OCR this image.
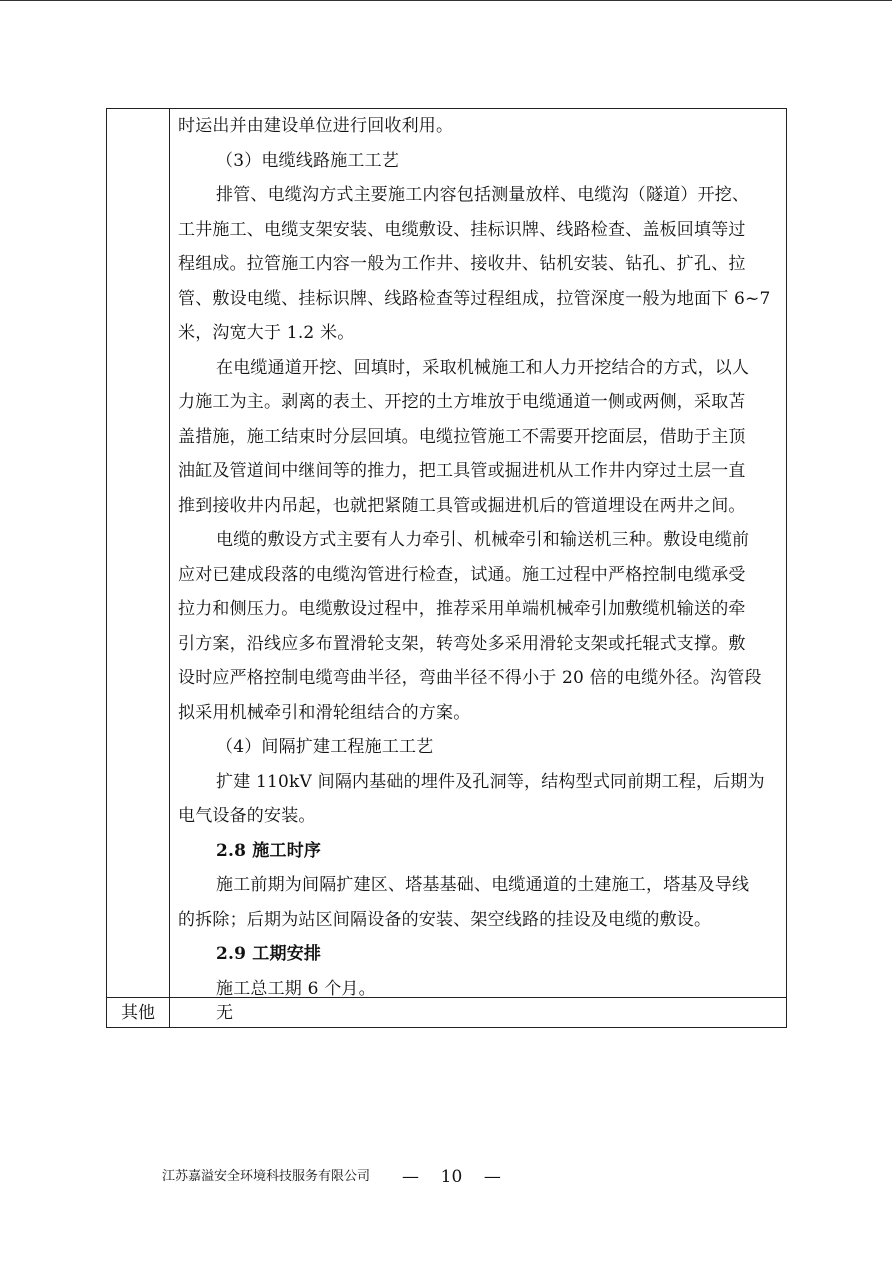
时运出并由建设单位进行回收利用。
（3）电缆线路施工工艺
排管、电缆沟方式主要施工内容包括测量放样、电缆沟（隧道）开挖、
工井施工、电缆支架安装、电缆敷设、挂标识牌、线路检查、盖板回填等过
程组成。拉管施工内容一般为工作井、接收井、钻机安装、钻孔、扩孔、拉
管、敷设电缆、挂标识牌、线路检查等过程组成，拉管深度一般为地面下 6~7
米，沟宽大于 1.2 米。
在电缆通道开挖、回填时，采取机械施工和人力开挖结合的方式，以人
力施工为主。剥离的表土、开挖的土方堆放于电缆通道一侧或两侧，采取苫
盖措施，施工结束时分层回填。电缆拉管施工不需要开挖面层，借助于主顶
油缸及管道间中继间等的推力，把工具管或掘进机从工作井内穿过土层一直
推到接收井内吊起，也就把紧随工具管或掘进机后的管道埋设在两井之间。
电缆的敷设方式主要有人力牵引、机械牵引和输送机三种。敷设电缆前
应对已建成段落的电缆沟管进行检查，试通。施工过程中严格控制电缆承受
拉力和侧压力。电缆敷设过程中，推荐采用单端机械牵引加敷缆机输送的牵
引方案，沿线应多布置滑轮支架，转弯处多采用滑轮支架或托辊式支撑。敷
设时应严格控制电缆弯曲半径，弯曲半径不得小于 20 倍的电缆外径。沟管段
拟采用机械牵引和滑轮组结合的方案。
（4）间隔扩建工程施工工艺
扩建 110kV 间隔内基础的埋件及孔洞等，结构型式同前期工程，后期为
电气设备的安装。
2.8 施工时序
施工前期为间隔扩建区、塔基基础、电缆通道的土建施工，塔基及导线
的拆除；后期为站区间隔设备的安装、架空线路的挂设及电缆的敷设。
2.9 工期安排
施工总工期 6 个月。
其他	无
江苏嘉溢安全环境科技服务有限公司 — 10 —
